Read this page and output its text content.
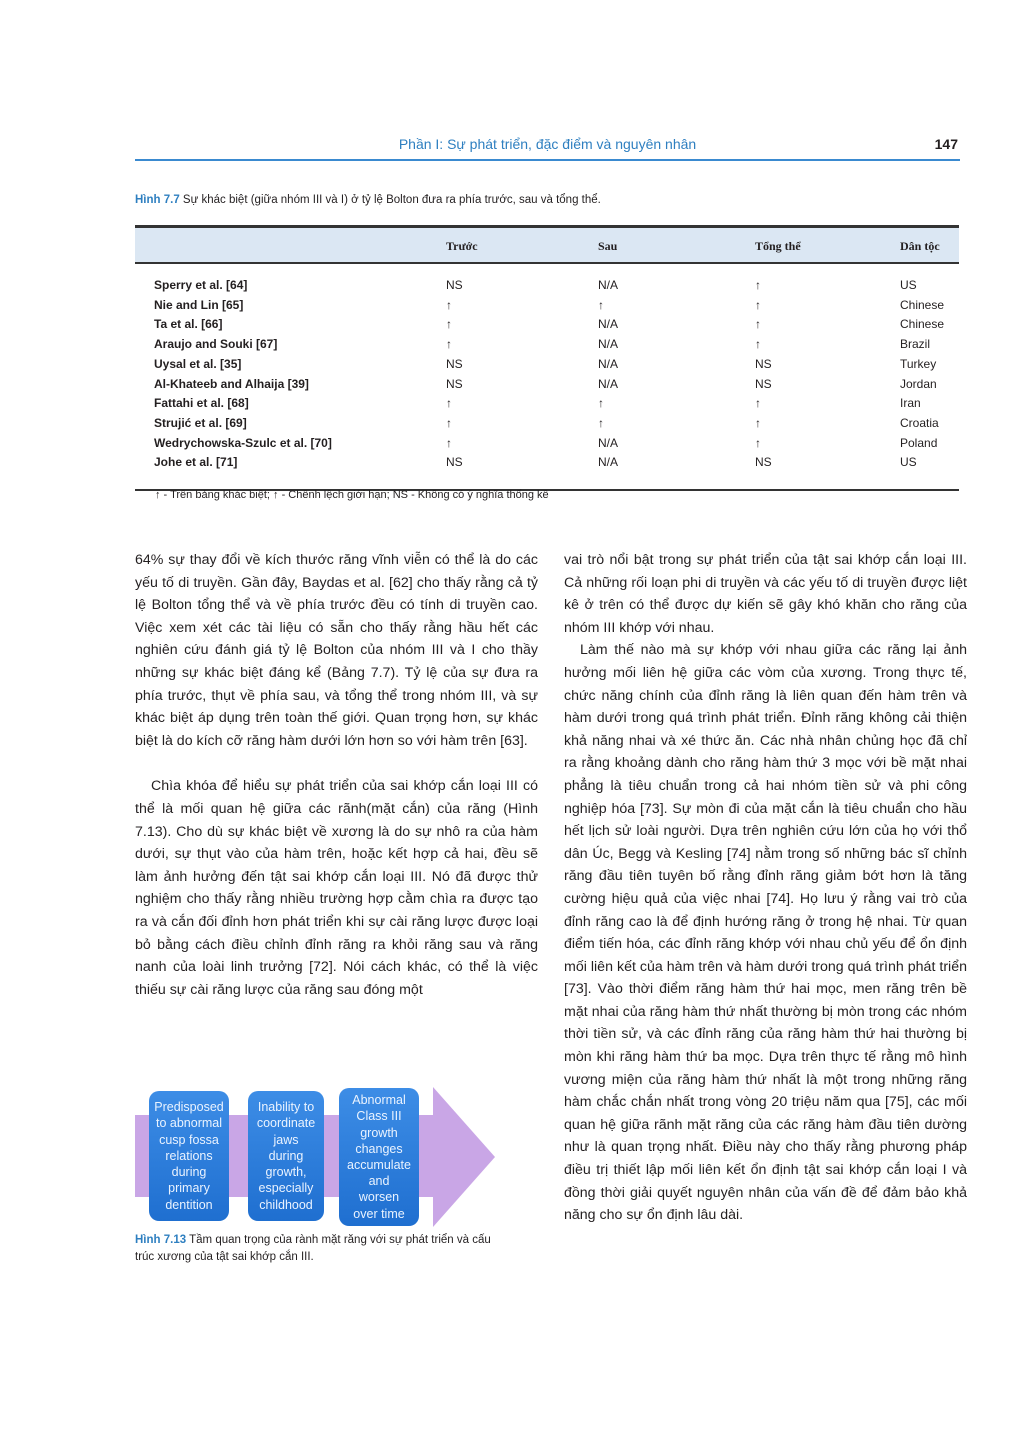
Phần I: Sự phát triển, đặc điểm và nguyên nhân	147
Hình 7.7 Sự khác biệt (giữa nhóm III và I) ở tỷ lệ Bolton đưa ra phía trước, sau và tổng thể.
Trước	Sau	Tổng thể	Dân tộc
Sperry et al. [64]	NS	N/A	↑	US
Nie and Lin [65]	↑	↑	↑	Chinese
Ta et al. [66]	↑	N/A	↑	Chinese
Araujo and Souki [67]	↑	N/A	↑	Brazil
Uysal et al. [35]	NS	N/A	NS	Turkey
Al-Khateeb and Alhaija [39]	NS	N/A	NS	Jordan
Fattahi et al. [68]	↑	↑	↑	Iran
Strujić et al. [69]	↑	↑	↑	Croatia
Wedrychowska-Szulc et al. [70]	↑	N/A	↑	Poland
Johe et al. [71]	NS	N/A	NS	US
↑ - Trên bảng khác biệt; ↑ - Chênh lệch giới hạn; NS - Không có ý nghĩa thống kê

64% sự thay đổi về kích thước răng vĩnh viễn có thể là do các yếu tố di truyền. Gần đây, Baydas et al. [62] cho thấy rằng cả tỷ lệ Bolton tổng thể và về phía trước đều có tính di truyền cao. Việc xem xét các tài liệu có sẵn cho thấy rằng hầu hết các nghiên cứu đánh giá tỷ lệ Bolton của nhóm III và I cho thầy những sự khác biệt đáng kể (Bảng 7.7). Tỷ lệ của sự đưa ra phía trước, thụt về phía sau, và tổng thể trong nhóm III, và sự khác biệt áp dụng trên toàn thế giới. Quan trọng hơn, sự khác biệt là do kích cỡ răng hàm dưới lớn hơn so với hàm trên [63].

Chìa khóa để hiểu sự phát triển của sai khớp cắn loại III có thể là mối quan hệ giữa các rãnh(mặt cắn) của răng (Hình 7.13). Cho dù sự khác biệt về xương là do sự nhô ra của hàm dưới, sự thụt vào của hàm trên, hoặc kết hợp cả hai, đều sẽ làm ảnh hưởng đến tật sai khớp cắn loại III. Nó đã được thử nghiệm cho thấy rằng nhiều trường hợp cằm chìa ra được tạo ra và cắn đối đỉnh hơn phát triển khi sự cài răng lược được loại bỏ bằng cách điều chỉnh đỉnh răng ra khỏi răng sau và răng nanh của loài linh trưởng [72]. Nói cách khác, có thể là việc thiếu sự cài răng lược của răng sau đóng một

vai trò nổi bật trong sự phát triển của tật sai khớp cắn loại III. Cả những rối loạn phi di truyền và các yếu tố di truyền được liệt kê ở trên có thể được dự kiến sẽ gây khó khăn cho răng của nhóm III khớp với nhau.

Làm thế nào mà sự khớp với nhau giữa các răng lại ảnh hưởng mối liên hệ giữa các vòm của xương. Trong thực tế, chức năng chính của đỉnh răng là liên quan đến hàm trên và hàm dưới trong quá trình phát triển. Đỉnh răng không cải thiện khả năng nhai và xé thức ăn. Các nhà nhân chủng học đã chỉ ra rằng khoảng dành cho răng hàm thứ 3 mọc với bề mặt nhai phẳng là tiêu chuẩn trong cả hai nhóm tiền sử và phi công nghiệp hóa [73]. Sự mòn đi của mặt cắn là tiêu chuẩn cho hầu hết lịch sử loài người. Dựa trên nghiên cứu lớn của họ với thổ dân Úc, Begg và Kesling [74] nằm trong số những bác sĩ chỉnh răng đầu tiên tuyên bố rằng đỉnh răng giảm bớt hơn là tăng cường hiệu quả của việc nhai [74]. Họ lưu ý rằng vai trò của đỉnh răng cao là để định hướng răng ở trong hệ nhai. Từ quan điểm tiến hóa, các đỉnh răng khớp với nhau chủ yếu để ổn định mối liên kết của hàm trên và hàm dưới trong quá trình phát triển [73]. Vào thời điểm răng hàm thứ hai mọc, men răng trên bề mặt nhai của răng hàm thứ nhất thường bị mòn trong các nhóm thời tiền sử, và các đỉnh răng của răng hàm thứ hai thường bị mòn khi răng hàm thứ ba mọc. Dựa trên thực tế rằng mô hình vương miện của răng hàm thứ nhất là một trong những răng hàm chắc chắn nhất trong vòng 20 triệu năm qua [75], các mối quan hệ giữa rãnh mặt răng của các răng hàm đầu tiên dường như là quan trọng nhất. Điều này cho thấy rằng phương pháp điều trị thiết lập mối liên kết ổn định tật sai khớp cắn loại I và đồng thời giải quyết nguyên nhân của vấn đề để đảm bảo khả năng cho sự ổn định lâu dài.

Predisposed
to abnormal
cusp fossa
relations
during
primary
dentition
Inability to
coordinate
jaws
during
growth,
especially
childhood
Abnormal
Class III
growth
changes
accumulate
and
worsen
over time
Hình 7.13 Tầm quan trọng của rành mặt răng với sự phát triển và cấu trúc xương của tật sai khớp cắn III.
